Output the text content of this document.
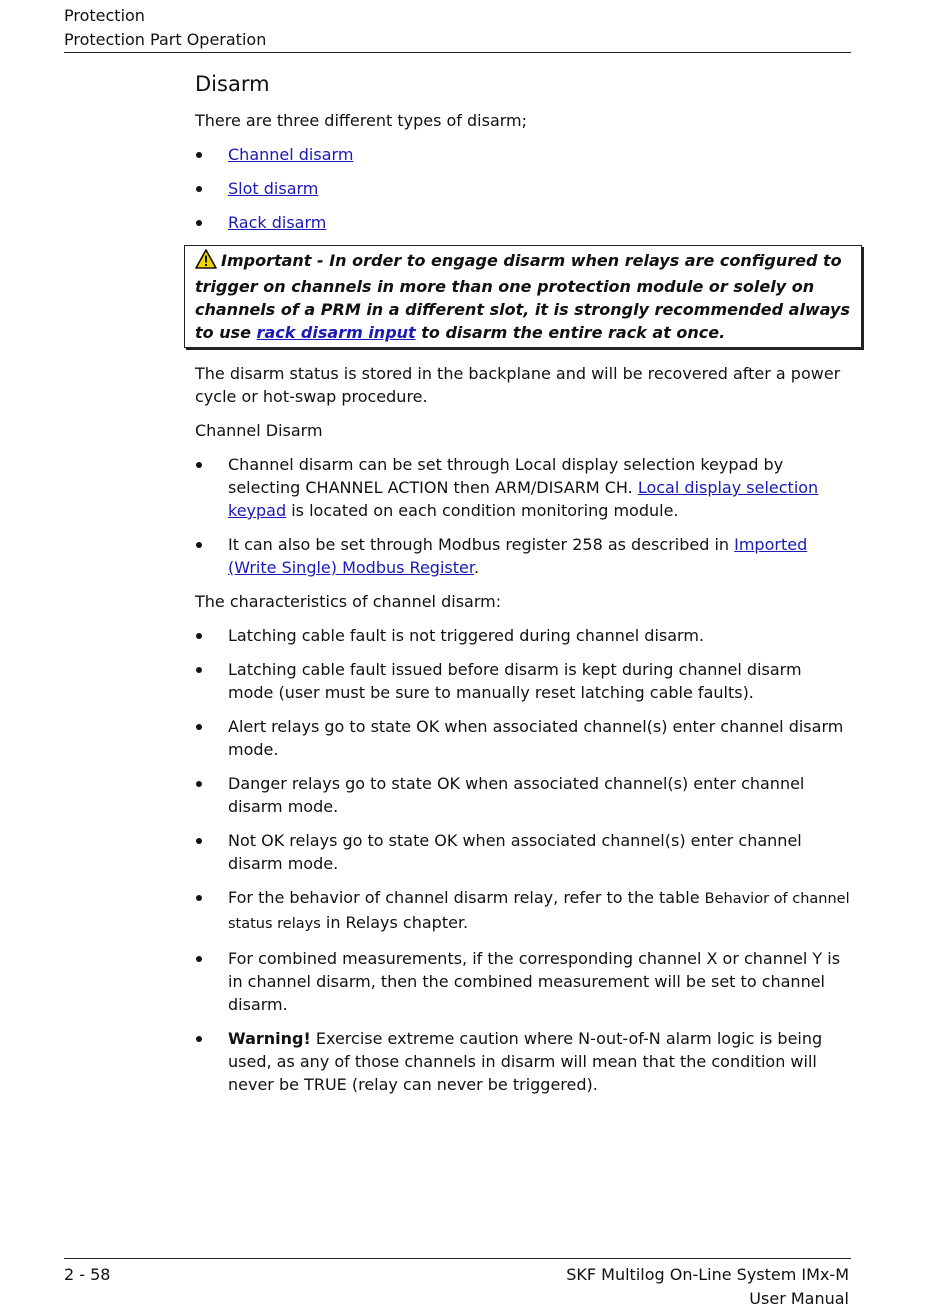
Protection
Protection Part Operation
Disarm

There are three different types of disarm;

Channel disarm
Slot disarm
Rack disarm
Important - In order to engage disarm when relays are configured to trigger on channels in more than one protection module or solely on channels of a PRM in a different slot, it is strongly recommended always to use rack disarm input to disarm the entire rack at once.

The disarm status is stored in the backplane and will be recovered after a power cycle or hot-swap procedure.

Channel Disarm
Channel disarm can be set through Local display selection keypad by selecting CHANNEL ACTION then ARM/DISARM CH. Local display selection keypad is located on each condition monitoring module.
It can also be set through Modbus register 258 as described in Imported (Write Single) Modbus Register.

The characteristics of channel disarm:

Latching cable fault is not triggered during channel disarm.
Latching cable fault issued before disarm is kept during channel disarm mode (user must be sure to manually reset latching cable faults).
Alert relays go to state OK when associated channel(s) enter channel disarm mode.
Danger relays go to state OK when associated channel(s) enter channel disarm mode.
Not OK relays go to state OK when associated channel(s) enter channel disarm mode.
For the behavior of channel disarm relay, refer to the table Behavior of channel status relays in Relays chapter.
For combined measurements, if the corresponding channel X or channel Y is in channel disarm, then the combined measurement will be set to channel disarm.
Warning! Exercise extreme caution where N-out-of-N alarm logic is being used, as any of those channels in disarm will mean that the condition will never be TRUE (relay can never be triggered).
2 - 58	SKF Multilog On-Line System IMx-M
User Manual
